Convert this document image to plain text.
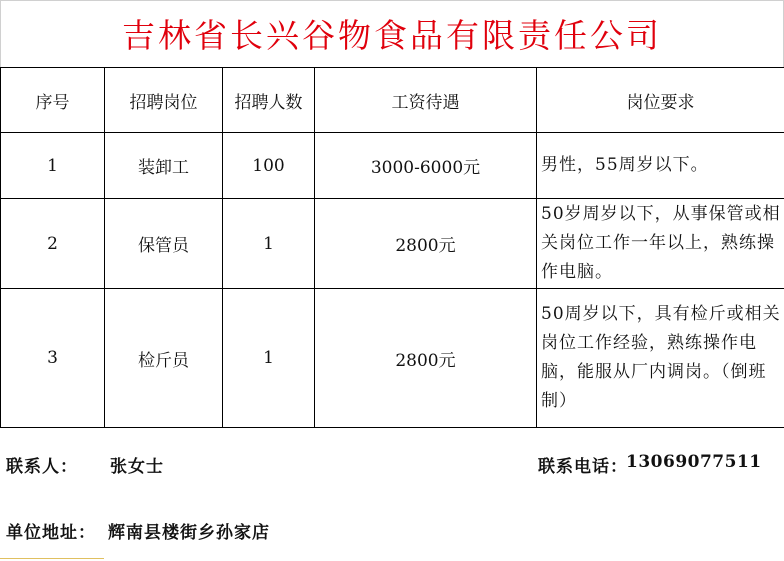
吉林省长兴谷物食品有限责任公司
序号	招聘岗位	招聘人数	工资待遇	岗位要求
1	装卸工	100	3000-6000元	男性，55周岁以下。
2	保管员	1	2800元	50岁周岁以下，从事保管或相关岗位工作一年以上，熟练操作电脑。
3	检斤员	1	2800元	50周岁以下，具有检斤或相关岗位工作经验，熟练操作电脑，能服从厂内调岗。（倒班制）
联系人： 张女士	联系电话：
13069077511
单位地址： 辉南县楼街乡孙家店
